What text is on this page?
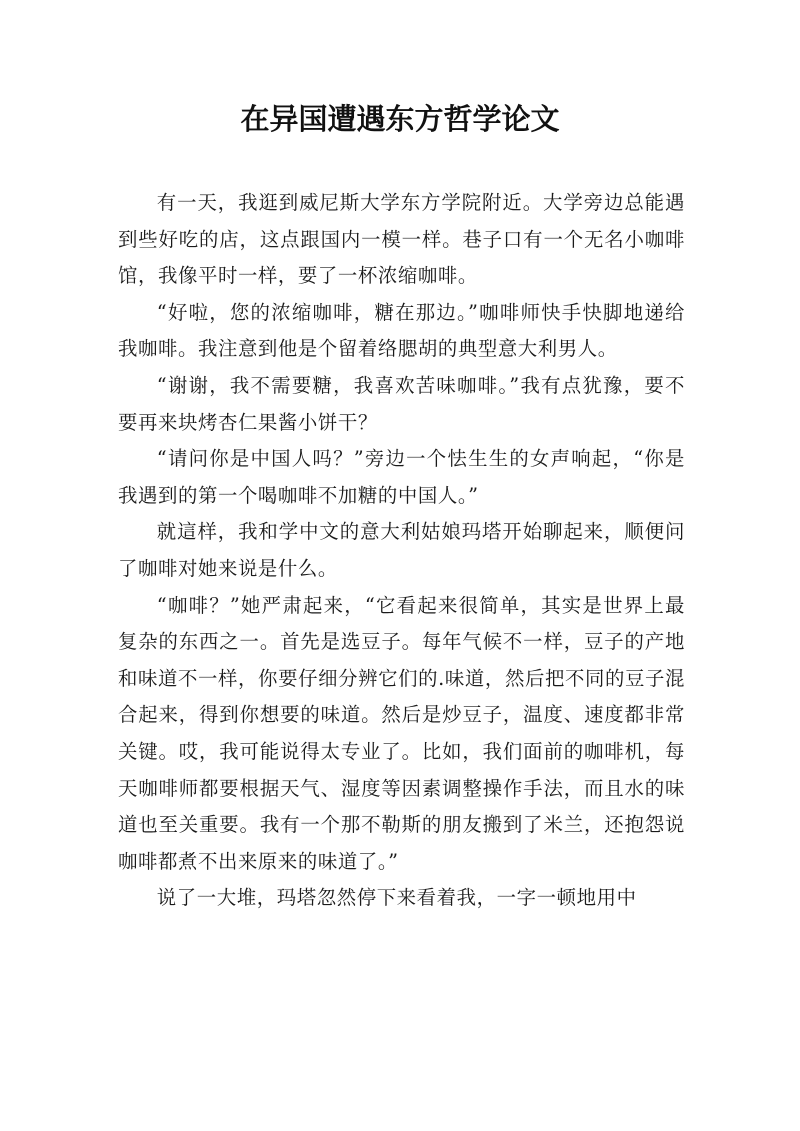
在异国遭遇东方哲学论文

有一天，我逛到威尼斯大学东方学院附近。大学旁边总能遇到些好吃的店，这点跟国内一模一样。巷子口有一个无名小咖啡馆，我像平时一样，要了一杯浓缩咖啡。

“好啦，您的浓缩咖啡，糖在那边。”咖啡师快手快脚地递给我咖啡。我注意到他是个留着络腮胡的典型意大利男人。

“谢谢，我不需要糖，我喜欢苦味咖啡。”我有点犹豫，要不要再来块烤杏仁果酱小饼干？

“请问你是中国人吗？”旁边一个怯生生的女声响起，“你是我遇到的第一个喝咖啡不加糖的中国人。”

就這样，我和学中文的意大利姑娘玛塔开始聊起来，顺便问了咖啡对她来说是什么。

“咖啡？”她严肃起来，“它看起来很简单，其实是世界上最复杂的东西之一。首先是选豆子。每年气候不一样，豆子的产地和味道不一样，你要仔细分辨它们的.味道，然后把不同的豆子混合起来，得到你想要的味道。然后是炒豆子，温度、速度都非常关键。哎，我可能说得太专业了。比如，我们面前的咖啡机，每天咖啡师都要根据天气、湿度等因素调整操作手法，而且水的味道也至关重要。我有一个那不勒斯的朋友搬到了米兰，还抱怨说咖啡都煮不出来原来的味道了。”

说了一大堆，玛塔忽然停下来看着我，一字一顿地用中
